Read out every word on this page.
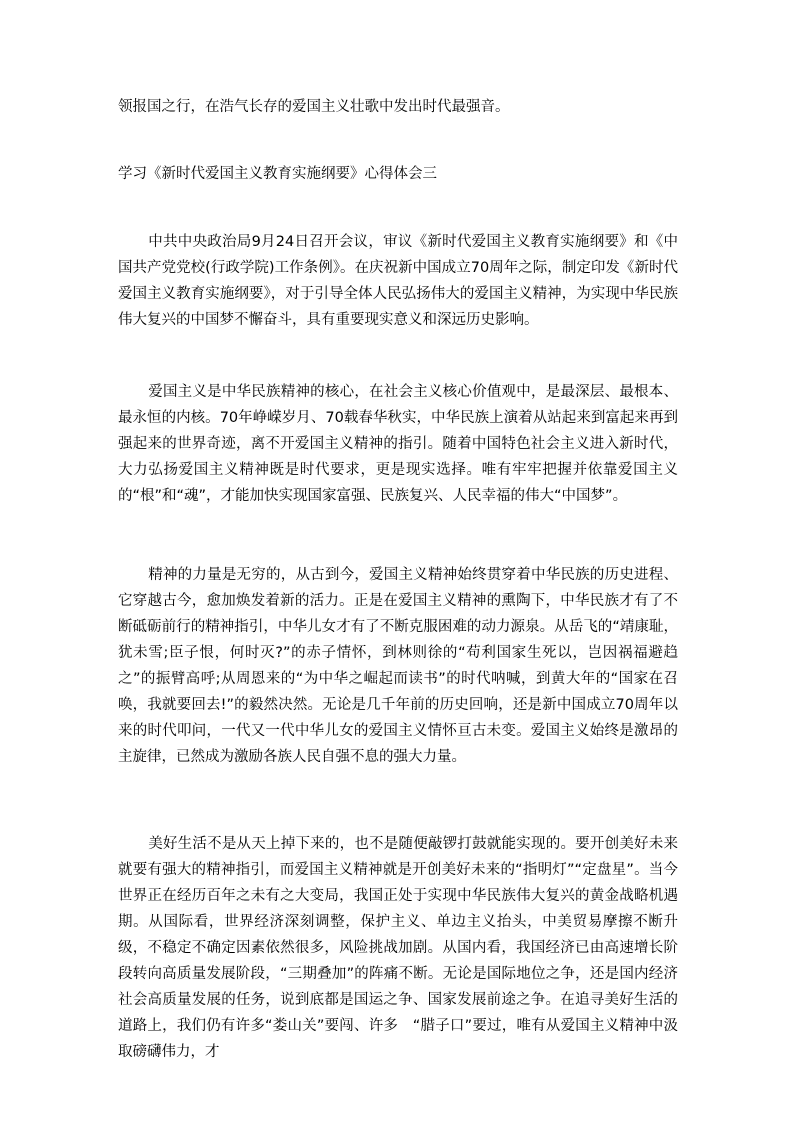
领报国之行，在浩气长存的爱国主义壮歌中发出时代最强音。
学习《新时代爱国主义教育实施纲要》心得体会三
中共中央政治局9月24日召开会议，审议《新时代爱国主义教育实施纲要》和《中国共产党党校(行政学院)工作条例》。在庆祝新中国成立70周年之际，制定印发《新时代爱国主义教育实施纲要》，对于引导全体人民弘扬伟大的爱国主义精神，为实现中华民族伟大复兴的中国梦不懈奋斗，具有重要现实意义和深远历史影响。
爱国主义是中华民族精神的核心，在社会主义核心价值观中，是最深层、最根本、最永恒的内核。70年峥嵘岁月、70载春华秋实，中华民族上演着从站起来到富起来再到强起来的世界奇迹，离不开爱国主义精神的指引。随着中国特色社会主义进入新时代，大力弘扬爱国主义精神既是时代要求，更是现实选择。唯有牢牢把握并依靠爱国主义的“根”和“魂”，才能加快实现国家富强、民族复兴、人民幸福的伟大“中国梦”。
精神的力量是无穷的，从古到今，爱国主义精神始终贯穿着中华民族的历史进程、它穿越古今，愈加焕发着新的活力。正是在爱国主义精神的熏陶下，中华民族才有了不断砥砺前行的精神指引，中华儿女才有了不断克服困难的动力源泉。从岳飞的“靖康耻，犹未雪;臣子恨，何时灭?”的赤子情怀，到林则徐的“苟利国家生死以，岂因祸福避趋之”的振臂高呼;从周恩来的“为中华之崛起而读书”的时代呐喊，到黄大年的“国家在召唤，我就要回去!”的毅然决然。无论是几千年前的历史回响，还是新中国成立70周年以来的时代叩问，一代又一代中华儿女的爱国主义情怀亘古未变。爱国主义始终是激昂的主旋律，已然成为激励各族人民自强不息的强大力量。
美好生活不是从天上掉下来的，也不是随便敲锣打鼓就能实现的。要开创美好未来就要有强大的精神指引，而爱国主义精神就是开创美好未来的“指明灯”“定盘星”。当今世界正在经历百年之未有之大变局，我国正处于实现中华民族伟大复兴的黄金战略机遇期。从国际看，世界经济深刻调整，保护主义、单边主义抬头，中美贸易摩擦不断升级，不稳定不确定因素依然很多，风险挑战加剧。从国内看，我国经济已由高速增长阶段转向高质量发展阶段，“三期叠加”的阵痛不断。无论是国际地位之争，还是国内经济社会高质量发展的任务，说到底都是国运之争、国家发展前途之争。在追寻美好生活的道路上，我们仍有许多“娄山关”要闯、许多　“腊子口”要过，唯有从爱国主义精神中汲取磅礴伟力，才
